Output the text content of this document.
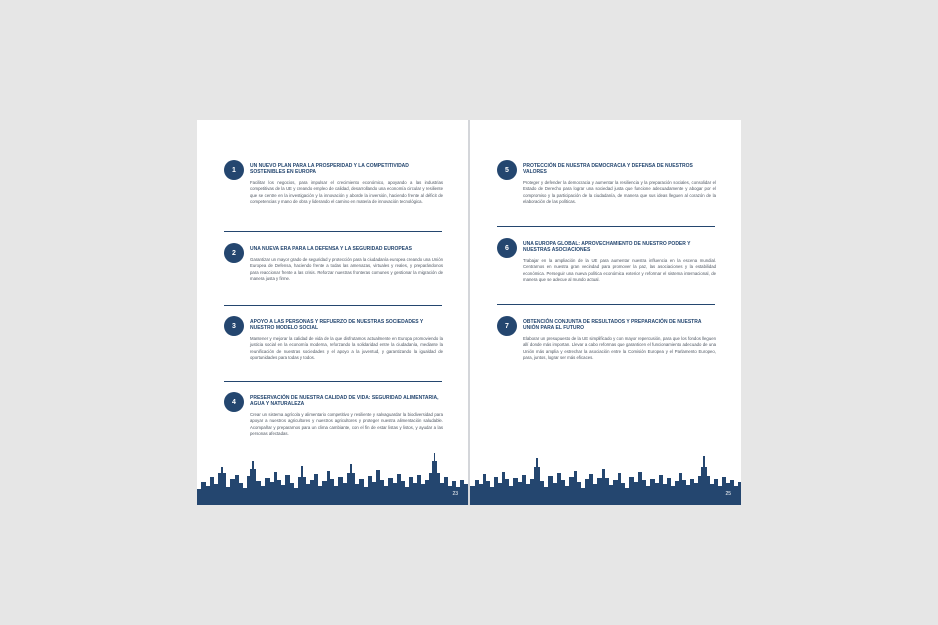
1
UN NUEVO PLAN PARA LA PROSPERIDAD Y LA COMPETITIVIDAD SOSTENIBLES EN EUROPA
Facilitar los negocios, para impulsar el crecimiento económico, apoyando a las industrias competitivas de la UE y creando empleo de calidad, desarrollando una economía circular y resiliente que se centre en la investigación y la innovación y aborde la inversión, haciendo frente al déficit de competencias y mano de obra y liderando el camino en materia de innovación tecnológica.
2
UNA NUEVA ERA PARA LA DEFENSA Y LA SEGURIDAD EUROPEAS
Garantizar un mayor grado de seguridad y protección para la ciudadanía europea creando una Unión Europea de Defensa, haciendo frente a todas las amenazas, virtuales y reales, y preparándonos para reaccionar frente a las crisis. Reforzar nuestras fronteras comunes y gestionar la migración de manera justa y firme.
3
APOYO A LAS PERSONAS Y REFUERZO DE NUESTRAS SOCIEDADES Y NUESTRO MODELO SOCIAL
Mantener y mejorar la calidad de vida de la que disfrutamos actualmente en Europa promoviendo la justicia social en la economía moderna, reforzando la solidaridad entre la ciudadanía, mediante la reunificación de nuestras sociedades y el apoyo a la juventud, y garantizando la igualdad de oportunidades para todas y todos.
4
PRESERVACIÓN DE NUESTRA CALIDAD DE VIDA: SEGURIDAD ALIMENTARIA, AGUA Y NATURALEZA
Crear un sistema agrícola y alimentario competitivo y resiliente y salvaguardar la biodiversidad para apoyar a nuestros agricultores y nuestros agricultores y proteger nuestra alimentación saludable. Acompañar y prepararnos para un clima cambiante, con el fin de estar listas y listos, y ayudar a las personas afectadas.
23
5
PROTECCIÓN DE NUESTRA DEMOCRACIA Y DEFENSA DE NUESTROS VALORES
Proteger y defender la democracia y aumentar la resiliencia y la preparación sociales, consolidar el Estado de Derecho para lograr una sociedad justa que funcione adecuadamente y abogar por el compromiso y la participación de la ciudadanía, de manera que sus ideas lleguen al corazón de la elaboración de las políticas.
6
UNA EUROPA GLOBAL: APROVECHAMIENTO DE NUESTRO PODER Y NUESTRAS ASOCIACIONES
Trabajar en la ampliación de la UE para aumentar nuestra influencia en la escena mundial. Centrarnos en nuestra gran vecindad para promover la paz, las asociaciones y la estabilidad económica. Perseguir una nueva política económica exterior y reformar el sistema internacional, de manera que se adecue al mundo actual.
7
OBTENCIÓN CONJUNTA DE RESULTADOS Y PREPARACIÓN DE NUESTRA UNIÓN PARA EL FUTURO
Elaborar un presupuesto de la UE simplificado y con mayor repercusión, para que los fondos lleguen allí donde más importan. Llevar a cabo reformas que garanticen el funcionamiento adecuado de una Unión más amplia y estrechar la asociación entre la Comisión Europea y el Parlamento Europeo, para, juntos, lograr ser más eficaces.
25
